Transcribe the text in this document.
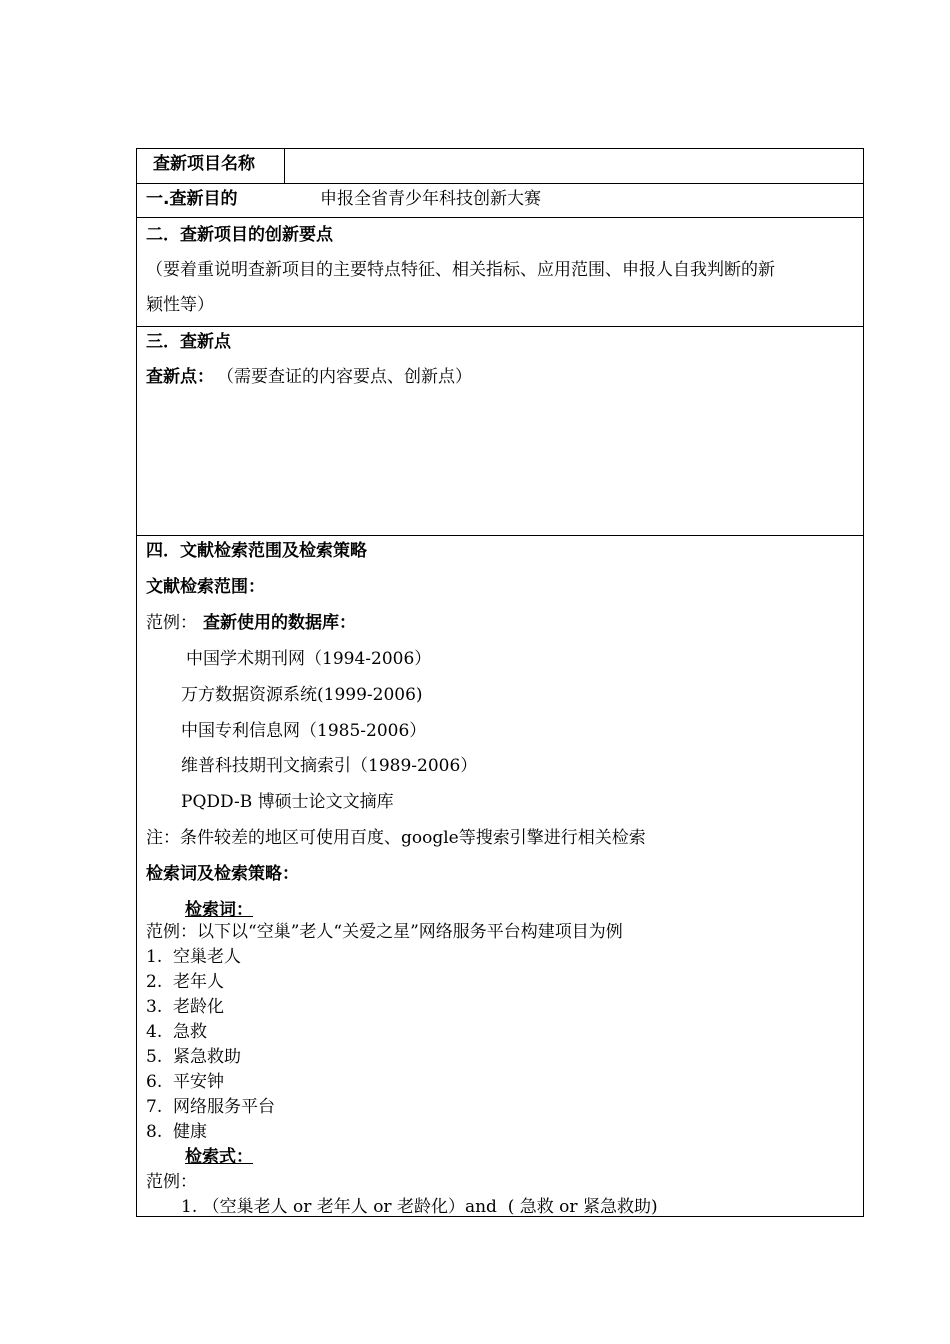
查新项目名称
一.查新目的	申报全省青少年科技创新大赛
二．查新项目的创新要点
（要着重说明查新项目的主要特点特征、相关指标、应用范围、申报人自我判断的新
颖性等）
三．查新点
查新点： （需要查证的内容要点、创新点）
四．文献检索范围及检索策略
文献检索范围：
范例： 查新使用的数据库：
中国学术期刊网（1994-2006）
万方数据资源系统(1999-2006)
中国专利信息网（1985-2006）
维普科技期刊文摘索引（1989-2006）
PQDD-B 博硕士论文文摘库
注：条件较差的地区可使用百度、google等搜索引擎进行相关检索
检索词及检索策略：
检索词：
范例：以下以“空巢”老人“关爱之星”网络服务平台构建项目为例
1.  空巢老人
2.  老年人
3.  老龄化
4.  急救
5.  紧急救助
6.  平安钟
7.  网络服务平台
8.  健康
检索式：
范例：
1. （空巢老人 or 老年人 or 老龄化）and  ( 急救 or 紧急救助)
